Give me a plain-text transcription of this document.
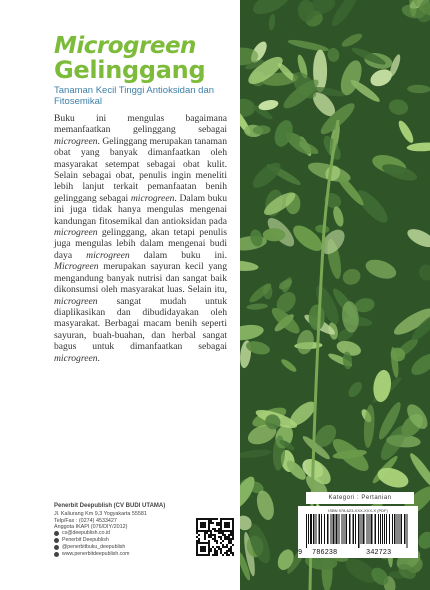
Microgreen
Gelinggang
Tanaman Kecil Tinggi Antioksidan dan Fitosemikal

Buku ini mengulas bagaimana memanfaatkan gelinggang sebagai microgreen. Gelinggang merupakan tanaman obat yang banyak dimanfaatkan oleh masyarakat setempat sebagai obat kulit. Selain sebagai obat, penulis ingin meneliti lebih lanjut terkait pemanfaatan benih gelinggang sebagai microgreen. Dalam buku ini juga tidak hanya mengulas mengenai kandungan fitosemikal dan antioksidan pada microgreen gelinggang, akan tetapi penulis juga mengulas lebih dalam mengenai budi daya microgreen dalam buku ini. Microgreen merupakan sayuran kecil yang mengandung banyak nutrisi dan sangat baik dikonsumsi oleh masyarakat luas. Selain itu, microgreen sangat mudah untuk diaplikasikan dan dibudidayakan oleh masyarakat. Berbagai macam benih seperti sayuran, buah-buahan, dan herbal sangat bagus untuk dimanfaatkan sebagai microgreen.

Penerbit Deepublish (CV BUDI UTAMA)
Jl. Kaliurang Km 9,3 Yogyakarta 55581
Telp/Fax : (0274) 4533427
Anggota IKAPI (076/DIY/2012)
cs@deepublish.co.id
Penerbit Deepublish
@penerbitbuku_deepublish
www.penerbitdeepublish.com
Kategori : Pertanian
ISBN 978-623-XXX-XXX-X (PDF)
9 786238	342723
